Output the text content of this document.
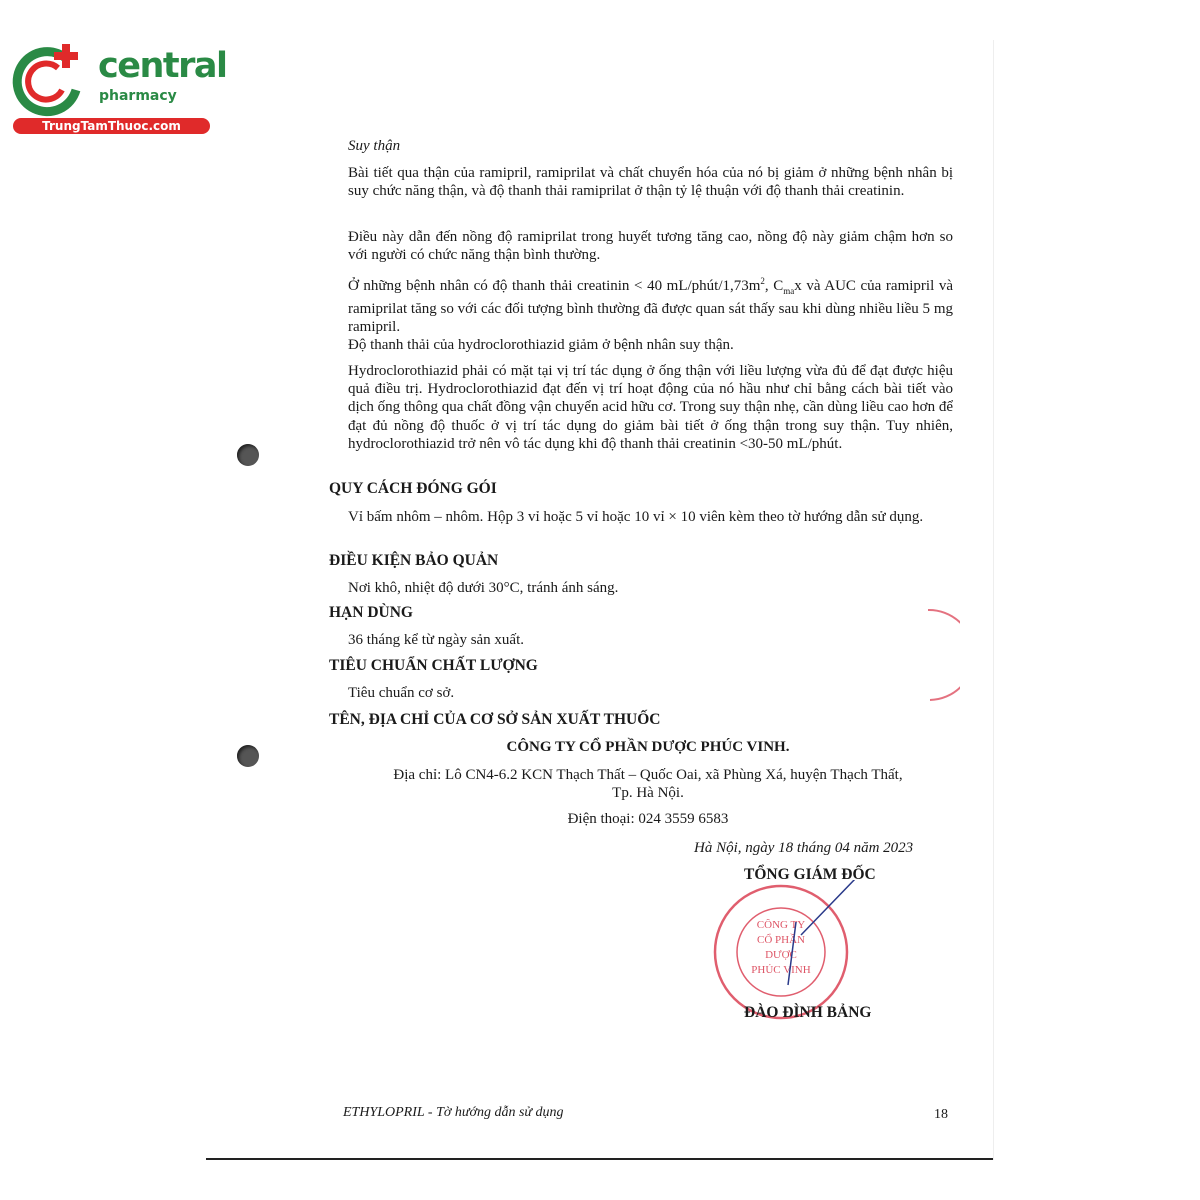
central
pharmacy
TrungTamThuoc.com
Suy thận
Bài tiết qua thận của ramipril, ramiprilat và chất chuyển hóa của nó bị giảm ở những bệnh nhân bị suy chức năng thận, và độ thanh thải ramiprilat ở thận tỷ lệ thuận với độ thanh thải creatinin.
Điều này dẫn đến nồng độ ramiprilat trong huyết tương tăng cao, nồng độ này giảm chậm hơn so với người có chức năng thận bình thường.
Ở những bệnh nhân có độ thanh thải creatinin < 40 $mL/phút/1,73m^2$, $C_{ma}x$ và AUC của ramipril và ramiprilat tăng so với các đối tượng bình thường đã được quan sát thấy sau khi dùng nhiều liều 5 mg ramipril.
Độ thanh thải của hydroclorothiazid giảm ở bệnh nhân suy thận.
Hydroclorothiazid phải có mặt tại vị trí tác dụng ở ống thận với liều lượng vừa đủ để đạt được hiệu quả điều trị. Hydroclorothiazid đạt đến vị trí hoạt động của nó hầu như chỉ bằng cách bài tiết vào dịch ống thông qua chất đồng vận chuyển acid hữu cơ. Trong suy thận nhẹ, cần dùng liều cao hơn để đạt đủ nồng độ thuốc ở vị trí tác dụng do giảm bài tiết ở ống thận trong suy thận. Tuy nhiên, hydroclorothiazid trở nên vô tác dụng khi độ thanh thải creatinin <30-50 mL/phút.
QUY CÁCH ĐÓNG GÓI
Vỉ bấm nhôm – nhôm. Hộp 3 vỉ hoặc 5 vỉ hoặc 10 vỉ × 10 viên kèm theo tờ hướng dẫn sử dụng.
ĐIỀU KIỆN BẢO QUẢN
Nơi khô, nhiệt độ dưới 30°C, tránh ánh sáng.
HẠN DÙNG
36 tháng kể từ ngày sản xuất.
TIÊU CHUẨN CHẤT LƯỢNG
Tiêu chuẩn cơ sở.
TÊN, ĐỊA CHỈ CỦA CƠ SỞ SẢN XUẤT THUỐC
CÔNG TY CỔ PHẦN DƯỢC PHÚC VINH.
Địa chỉ: Lô CN4-6.2 KCN Thạch Thất – Quốc Oai, xã Phùng Xá, huyện Thạch Thất,
Tp. Hà Nội.
Điện thoại: 024 3559 6583
Hà Nội, ngày 18 tháng 04 năm 2023
CÔNG TY
CỔ PHẦN
DƯỢC
PHÚC VINH
TỔNG GIÁM ĐỐC
ĐÀO ĐÌNH BẢNG
ETHYLOPRIL - Tờ hướng dẫn sử dụng	18
